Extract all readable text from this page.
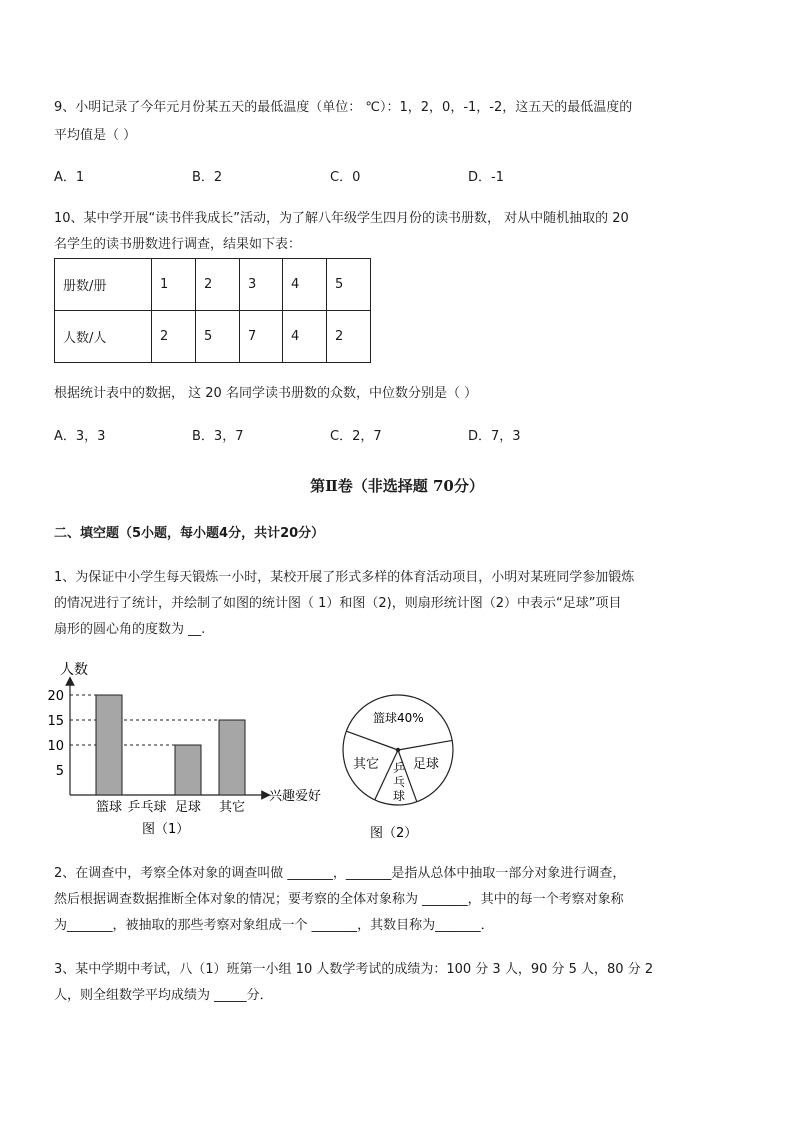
9、小明记录了今年元月份某五天的最低温度（单位： ℃）：1，2，0，-1，-2，这五天的最低温度的
平均值是（ ）
A．1	B．2	C．0	D．-1
10、某中学开展“读书伴我成长”活动，为了解八年级学生四月份的读书册数， 对从中随机抽取的 20
名学生的读书册数进行调查，结果如下表：
册数/册	1	2	3	4	5
人数/人	2	5	7	4	2
根据统计表中的数据， 这 20 名同学读书册数的众数，中位数分别是（ ）
A．3，3	B．3，7	C．2，7	D．7，3
第Ⅱ卷（非选择题 70分）
二、填空题（5小题，每小题4分，共计20分）
1、为保证中小学生每天锻炼一小时，某校开展了形式多样的体育活动项目，小明对某班同学参加锻炼
的情况进行了统计，并绘制了如图的统计图（ 1）和图（2)，则扇形统计图（2）中表示“足球”项目
扇形的圆心角的度数为 __.
人数
5
10
15
20
篮球 乒乓球 足球 其它
兴趣爱好
图（1）
篮球40%
其它 乒
乓
球
足球
图（2）
2、在调查中，考察全体对象的调查叫做 _______，_______是指从总体中抽取一部分对象进行调查，
然后根据调查数据推断全体对象的情况；要考察的全体对象称为 _______，其中的每一个考察对象称
为_______，被抽取的那些考察对象组成一个 _______，其数目称为_______．
3、某中学期中考试，八（1）班第一小组 10 人数学考试的成绩为：100 分 3 人，90 分 5 人，80 分 2
人，则全组数学平均成绩为 _____分．
